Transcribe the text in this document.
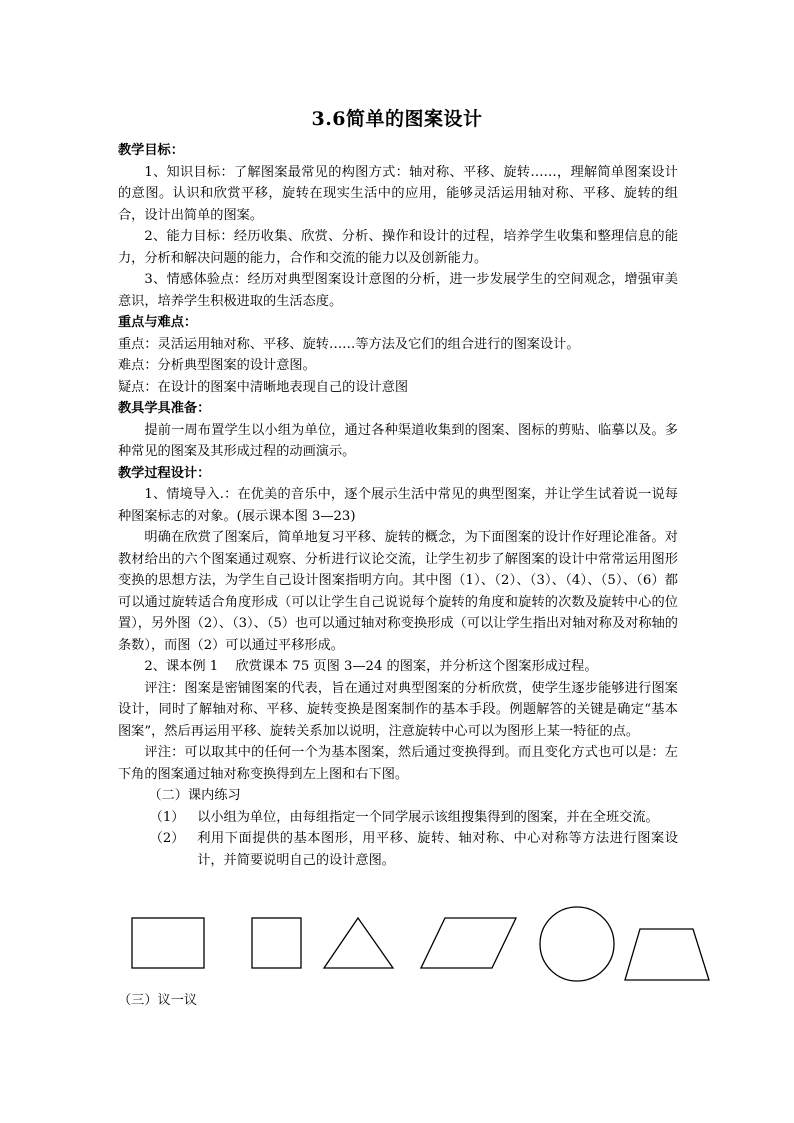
3.6简单的图案设计

教学目标：

1、知识目标：了解图案最常见的构图方式：轴对称、平移、旋转……，理解简单图案设计的意图。认识和欣赏平移，旋转在现实生活中的应用，能够灵活运用轴对称、平移、旋转的组合，设计出简单的图案。

2、能力目标：经历收集、欣赏、分析、操作和设计的过程，培养学生收集和整理信息的能力，分析和解决问题的能力，合作和交流的能力以及创新能力。

3、情感体验点：经历对典型图案设计意图的分析，进一步发展学生的空间观念，增强审美意识，培养学生积极进取的生活态度。

重点与难点：

重点：灵活运用轴对称、平移、旋转……等方法及它们的组合进行的图案设计。

难点：分析典型图案的设计意图。

疑点：在设计的图案中清晰地表现自己的设计意图

教具学具准备：

提前一周布置学生以小组为单位，通过各种渠道收集到的图案、图标的剪贴、临摹以及。多种常见的图案及其形成过程的动画演示。

教学过程设计：

1、情境导入.：在优美的音乐中，逐个展示生活中常见的典型图案，并让学生试着说一说每种图案标志的对象。(展示课本图 3—23)

明确在欣赏了图案后，简单地复习平移、旋转的概念，为下面图案的设计作好理论准备。对教材给出的六个图案通过观察、分析进行议论交流，让学生初步了解图案的设计中常常运用图形变换的思想方法，为学生自己设计图案指明方向。其中图（1）、（2）、（3）、（4）、（5）、（6）都可以通过旋转适合角度形成（可以让学生自己说说每个旋转的角度和旋转的次数及旋转中心的位置），另外图（2）、（3）、（5）也可以通过轴对称变换形成（可以让学生指出对轴对称及对称轴的条数），而图（2）可以通过平移形成。

2、课本例 1　 欣赏课本 75 页图 3—24 的图案，并分析这个图案形成过程。

评注：图案是密铺图案的代表，旨在通过对典型图案的分析欣赏，使学生逐步能够进行图案设计，同时了解轴对称、平移、旋转变换是图案制作的基本手段。例题解答的关键是确定“基本图案”，然后再运用平移、旋转关系加以说明，注意旋转中心可以为图形上某一特征的点。

评注：可以取其中的任何一个为基本图案，然后通过变换得到。而且变化方式也可以是：左下角的图案通过轴对称变换得到左上图和右下图。

（二）课内练习

（1） 以小组为单位，由每组指定一个同学展示该组搜集得到的图案，并在全班交流。
（2） 利用下面提供的基本图形，用平移、旋转、轴对称、中心对称等方法进行图案设计，并简要说明自己的设计意图。
（三）议一议
